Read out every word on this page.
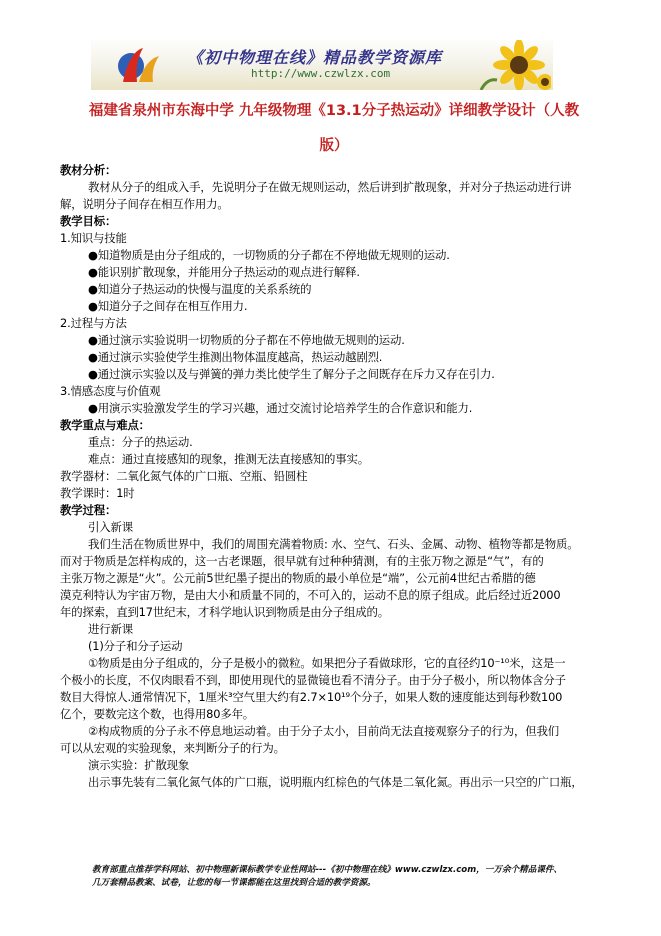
《初中物理在线》精品教学资源库
http://www.czwlzx.com
福建省泉州市东海中学 九年级物理《13.1分子热运动》详细教学设计（人教
版）
教材分析：
教材从分子的组成入手，先说明分子在做无规则运动，然后讲到扩散现象，并对分子热运动进行讲
解，说明分子间存在相互作用力。
教学目标：
1.知识与技能
●知道物质是由分子组成的，一切物质的分子都在不停地做无规则的运动.
●能识别扩散现象，并能用分子热运动的观点进行解释.
●知道分子热运动的快慢与温度的关系系统的
●知道分子之间存在相互作用力.
2.过程与方法
●通过演示实验说明一切物质的分子都在不停地做无规则的运动.
●通过演示实验使学生推测出物体温度越高，热运动越剧烈.
●通过演示实验以及与弹簧的弹力类比使学生了解分子之间既存在斥力又存在引力.
3.情感态度与价值观
●用演示实验激发学生的学习兴趣，通过交流讨论培养学生的合作意识和能力.
教学重点与难点：
重点：分子的热运动.
难点：通过直接感知的现象，推测无法直接感知的事实。
教学器材：二氧化氮气体的广口瓶、空瓶、铅圆柱
教学课时：1时
教学过程：
引入新课
我们生活在物质世界中，我们的周围充满着物质: 水、空气、石头、金属、动物、植物等都是物质。
而对于物质是怎样构成的，这一古老课题，很早就有过种种猜测，有的主张万物之源是“气”，有的
主张万物之源是“火”。公元前5世纪墨子提出的物质的最小单位是“端”，公元前4世纪古希腊的德
漠克利特认为宇宙万物，是由大小和质量不同的，不可入的，运动不息的原子组成。此后经过近2000
年的探索，直到17世纪末，才科学地认识到物质是由分子组成的。
进行新课
(1)分子和分子运动
①物质是由分子组成的，分子是极小的微粒。如果把分子看做球形，它的直径约10⁻¹⁰米，这是一
个极小的长度，不仅肉眼看不到，即使用现代的显微镜也看不清分子。由于分子极小，所以物体含分子
数目大得惊人.通常情况下，1厘米³空气里大约有2.7×10¹⁹个分子，如果人数的速度能达到每秒数100
亿个，要数完这个数，也得用80多年。
②构成物质的分子永不停息地运动着。由于分子太小，目前尚无法直接观察分子的行为，但我们
可以从宏观的实验现象，来判断分子的行为。
演示实验：扩散现象
出示事先装有二氧化氮气体的广口瓶，说明瓶内红棕色的气体是二氧化氮。再出示一只空的广口瓶，
教育部重点推荐学科网站、初中物理新课标教学专业性网站---《初中物理在线》www.czwlzx.com，一万余个精品课件、
几万套精品教案、试卷，让您的每一节课都能在这里找到合适的教学资源。
